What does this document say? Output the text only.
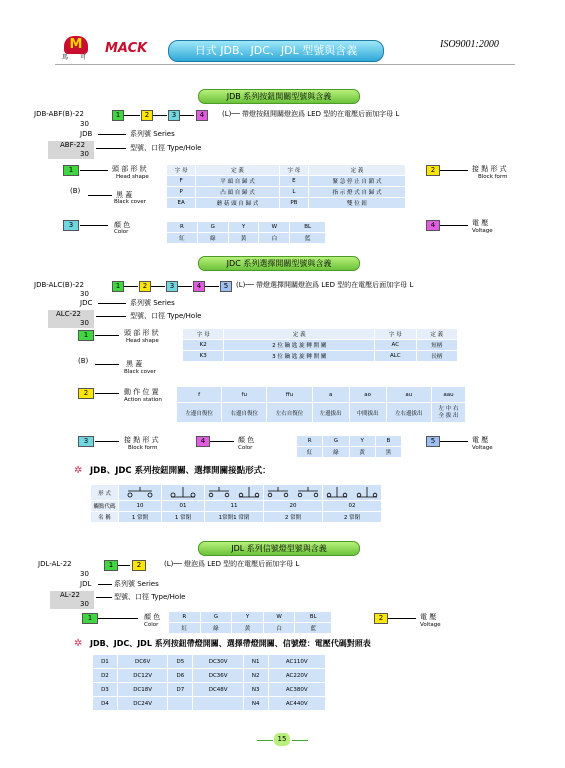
M
馬　　可
MACK	日式 JDB、JDC、JDL 型號與含義	ISO9001:2000
JDB 系列按鈕開關型號與含義
JDB-ABF(B)-22	1	2	3	4	(L)── 帶燈按鈕開關燈泡爲 LED 型的在電壓后面加字母 L
30
JDB	系列號 Series
ABF-22
30
型號、口徑 Type/Hole
1	頭 部 形 狀
Head shape
字 母	定 義	字 母	定 義
F	平 頭 自 歸 式	E	緊 急 停 止 自 鎖 式
P	凸 頭 自 歸 式	L	指 示 燈 式 自 歸 式
EA	蘑 菇 頭 自 歸 式	PB	雙 位 鈕
2	接 點 形 式
Block form
(B)	黑 蓋
Black cover
3	顏 色
Color
R	G	Y	W	BL
紅	綠	黃	白	藍
4	電 壓
Voltage
JDC 系列選擇開關型號與含義
JDB-ALC(B)-22	1	2	3	4	5	(L)── 帶燈選擇開關燈泡爲 LED 型的在電壓后面加字母 L
30
JDC	系列號 Series
ALC-22
30
型號、口徑 Type/Hole
1	頭 部 形 狀
Head shape
字 母	定 義	字 母	定 義
K2	2 位 鑰 匙 旋 轉 開 關	AC	短柄
K3	3 位 鑰 匙 旋 轉 開 關	ALC	長柄
(B)	黑 蓋
Black cover
2	動 作 位 置
Action station
f	fu	ffu	a	ao	au	aau
左邊自復位	右邊自復位	左右自復位	左邊拔出	中間拔出	左右邊拔出	左 中 右
全 拔 出
3	接 點 形 式
Block form
4	顏 色
Color
R	G	Y	B
紅	綠	黃	黑
5	電 壓
Voltage
✲ JDB、JDC 系列按鈕開關、選擇開關接點形式：
形 式					
觸點代碼	10	01	11	20	02
名 稱	1 常開	1 常閉	1常開1 常閉	2 常開	2 常閉
JDL 系列信號燈型號與含義
JDL-AL-22	1	2	(L)── 燈泡爲 LED 型的在電壓后面加字母 L
30
JDL	系列號 Series
AL-22
30
型號、口徑 Type/Hole
1	顏 色
Color
R	G	Y	W	BL
紅	綠	黃	白	藍
2	電 壓
Voltage
✲ JDB、JDC、JDL 系列按鈕帶燈開關、選擇帶燈開關、信號燈：電壓代碼對照表
D1	DC6V	D5	DC30V	N1	AC110V
D2	DC12V	D6	DC36V	N2	AC220V
D3	DC18V	D7	DC48V	N3	AC380V
D4	DC24V			N4	AC440V
15
